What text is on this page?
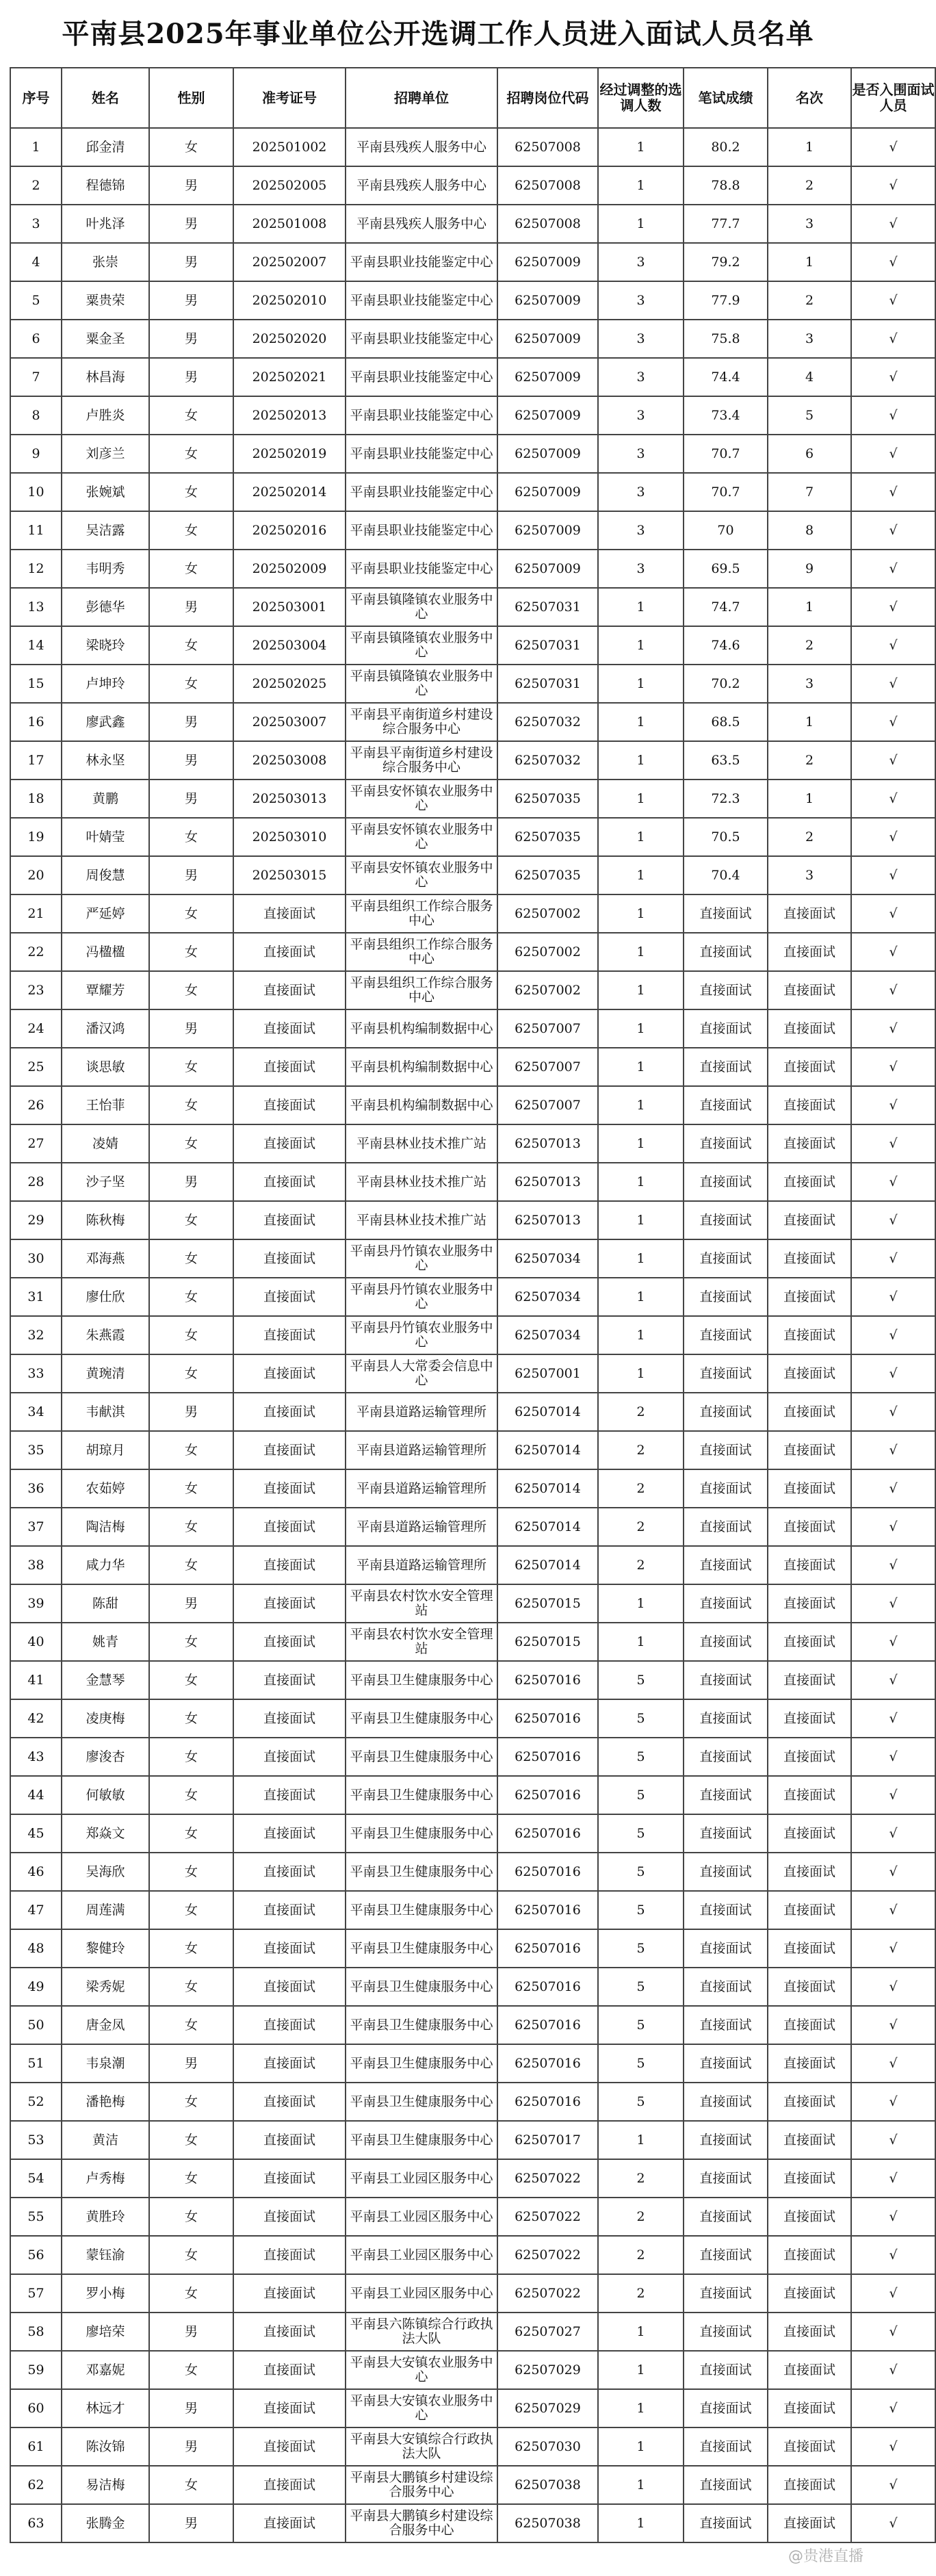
平南县2025年事业单位公开选调工作人员进入面试人员名单
序号	姓名	性别	准考证号	招聘单位	招聘岗位代码	经过调整的选调人数	笔试成绩	名次	是否入围面试人员
1	邱金清	女	202501002	平南县残疾人服务中心	62507008	1	80.2	1	√
2	程德锦	男	202502005	平南县残疾人服务中心	62507008	1	78.8	2	√
3	叶兆泽	男	202501008	平南县残疾人服务中心	62507008	1	77.7	3	√
4	张崇	男	202502007	平南县职业技能鉴定中心	62507009	3	79.2	1	√
5	粟贵荣	男	202502010	平南县职业技能鉴定中心	62507009	3	77.9	2	√
6	粟金圣	男	202502020	平南县职业技能鉴定中心	62507009	3	75.8	3	√
7	林昌海	男	202502021	平南县职业技能鉴定中心	62507009	3	74.4	4	√
8	卢胜炎	女	202502013	平南县职业技能鉴定中心	62507009	3	73.4	5	√
9	刘彦兰	女	202502019	平南县职业技能鉴定中心	62507009	3	70.7	6	√
10	张婉斌	女	202502014	平南县职业技能鉴定中心	62507009	3	70.7	7	√
11	吴洁露	女	202502016	平南县职业技能鉴定中心	62507009	3	70	8	√
12	韦明秀	女	202502009	平南县职业技能鉴定中心	62507009	3	69.5	9	√
13	彭德华	男	202503001	平南县镇隆镇农业服务中心	62507031	1	74.7	1	√
14	梁晓玲	女	202503004	平南县镇隆镇农业服务中心	62507031	1	74.6	2	√
15	卢坤玲	女	202502025	平南县镇隆镇农业服务中心	62507031	1	70.2	3	√
16	廖武鑫	男	202503007	平南县平南街道乡村建设综合服务中心	62507032	1	68.5	1	√
17	林永坚	男	202503008	平南县平南街道乡村建设综合服务中心	62507032	1	63.5	2	√
18	黄鹏	男	202503013	平南县安怀镇农业服务中心	62507035	1	72.3	1	√
19	叶婧莹	女	202503010	平南县安怀镇农业服务中心	62507035	1	70.5	2	√
20	周俊慧	男	202503015	平南县安怀镇农业服务中心	62507035	1	70.4	3	√
21	严延婷	女	直接面试	平南县组织工作综合服务中心	62507002	1	直接面试	直接面试	√
22	冯楹楹	女	直接面试	平南县组织工作综合服务中心	62507002	1	直接面试	直接面试	√
23	覃耀芳	女	直接面试	平南县组织工作综合服务中心	62507002	1	直接面试	直接面试	√
24	潘汉鸿	男	直接面试	平南县机构编制数据中心	62507007	1	直接面试	直接面试	√
25	谈思敏	女	直接面试	平南县机构编制数据中心	62507007	1	直接面试	直接面试	√
26	王怡菲	女	直接面试	平南县机构编制数据中心	62507007	1	直接面试	直接面试	√
27	凌婧	女	直接面试	平南县林业技术推广站	62507013	1	直接面试	直接面试	√
28	沙子坚	男	直接面试	平南县林业技术推广站	62507013	1	直接面试	直接面试	√
29	陈秋梅	女	直接面试	平南县林业技术推广站	62507013	1	直接面试	直接面试	√
30	邓海燕	女	直接面试	平南县丹竹镇农业服务中心	62507034	1	直接面试	直接面试	√
31	廖仕欣	女	直接面试	平南县丹竹镇农业服务中心	62507034	1	直接面试	直接面试	√
32	朱燕霞	女	直接面试	平南县丹竹镇农业服务中心	62507034	1	直接面试	直接面试	√
33	黄琬清	女	直接面试	平南县人大常委会信息中心	62507001	1	直接面试	直接面试	√
34	韦献淇	男	直接面试	平南县道路运输管理所	62507014	2	直接面试	直接面试	√
35	胡琼月	女	直接面试	平南县道路运输管理所	62507014	2	直接面试	直接面试	√
36	农茹婷	女	直接面试	平南县道路运输管理所	62507014	2	直接面试	直接面试	√
37	陶洁梅	女	直接面试	平南县道路运输管理所	62507014	2	直接面试	直接面试	√
38	咸力华	女	直接面试	平南县道路运输管理所	62507014	2	直接面试	直接面试	√
39	陈甜	男	直接面试	平南县农村饮水安全管理站	62507015	1	直接面试	直接面试	√
40	姚青	女	直接面试	平南县农村饮水安全管理站	62507015	1	直接面试	直接面试	√
41	金慧琴	女	直接面试	平南县卫生健康服务中心	62507016	5	直接面试	直接面试	√
42	凌庚梅	女	直接面试	平南县卫生健康服务中心	62507016	5	直接面试	直接面试	√
43	廖浚杏	女	直接面试	平南县卫生健康服务中心	62507016	5	直接面试	直接面试	√
44	何敏敏	女	直接面试	平南县卫生健康服务中心	62507016	5	直接面试	直接面试	√
45	郑焱文	女	直接面试	平南县卫生健康服务中心	62507016	5	直接面试	直接面试	√
46	吴海欣	女	直接面试	平南县卫生健康服务中心	62507016	5	直接面试	直接面试	√
47	周莲满	女	直接面试	平南县卫生健康服务中心	62507016	5	直接面试	直接面试	√
48	黎健玲	女	直接面试	平南县卫生健康服务中心	62507016	5	直接面试	直接面试	√
49	梁秀妮	女	直接面试	平南县卫生健康服务中心	62507016	5	直接面试	直接面试	√
50	唐金凤	女	直接面试	平南县卫生健康服务中心	62507016	5	直接面试	直接面试	√
51	韦泉潮	男	直接面试	平南县卫生健康服务中心	62507016	5	直接面试	直接面试	√
52	潘艳梅	女	直接面试	平南县卫生健康服务中心	62507016	5	直接面试	直接面试	√
53	黄洁	女	直接面试	平南县卫生健康服务中心	62507017	1	直接面试	直接面试	√
54	卢秀梅	女	直接面试	平南县工业园区服务中心	62507022	2	直接面试	直接面试	√
55	黄胜玲	女	直接面试	平南县工业园区服务中心	62507022	2	直接面试	直接面试	√
56	蒙钰渝	女	直接面试	平南县工业园区服务中心	62507022	2	直接面试	直接面试	√
57	罗小梅	女	直接面试	平南县工业园区服务中心	62507022	2	直接面试	直接面试	√
58	廖培荣	男	直接面试	平南县六陈镇综合行政执法大队	62507027	1	直接面试	直接面试	√
59	邓嘉妮	女	直接面试	平南县大安镇农业服务中心	62507029	1	直接面试	直接面试	√
60	林远才	男	直接面试	平南县大安镇农业服务中心	62507029	1	直接面试	直接面试	√
61	陈汝锦	男	直接面试	平南县大安镇综合行政执法大队	62507030	1	直接面试	直接面试	√
62	易洁梅	女	直接面试	平南县大鹏镇乡村建设综合服务中心	62507038	1	直接面试	直接面试	√
63	张腾金	男	直接面试	平南县大鹏镇乡村建设综合服务中心	62507038	1	直接面试	直接面试	√
@贵港直播
